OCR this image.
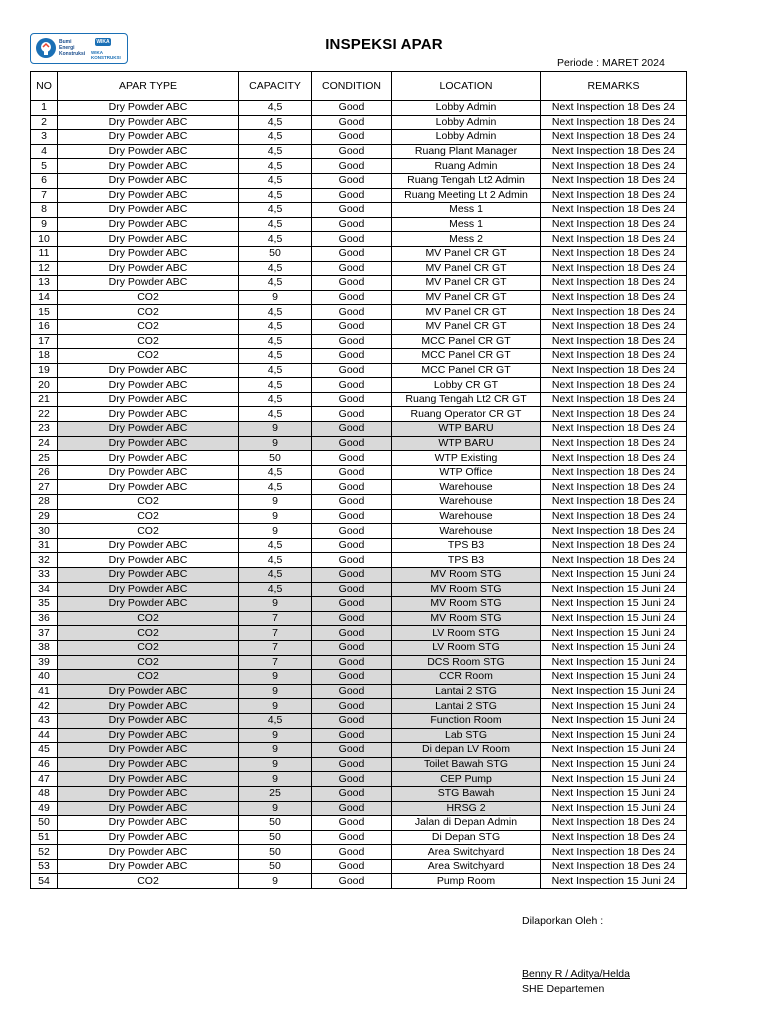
Bumi
Energi
Konstruksi
WIKA
WIKA
KONSTRUKSI
INSPEKSI APAR
Periode : MARET 2024
NO	APAR TYPE	CAPACITY	CONDITION	LOCATION	REMARKS
1	Dry Powder ABC	4,5	Good	Lobby Admin	Next Inspection 18 Des 24
2	Dry Powder ABC	4,5	Good	Lobby Admin	Next Inspection 18 Des 24
3	Dry Powder ABC	4,5	Good	Lobby Admin	Next Inspection 18 Des 24
4	Dry Powder ABC	4,5	Good	Ruang Plant Manager	Next Inspection 18 Des 24
5	Dry Powder ABC	4,5	Good	Ruang Admin	Next Inspection 18 Des 24
6	Dry Powder ABC	4,5	Good	Ruang Tengah Lt2 Admin	Next Inspection 18 Des 24
7	Dry Powder ABC	4,5	Good	Ruang Meeting Lt 2 Admin	Next Inspection 18 Des 24
8	Dry Powder ABC	4,5	Good	Mess 1	Next Inspection 18 Des 24
9	Dry Powder ABC	4,5	Good	Mess 1	Next Inspection 18 Des 24
10	Dry Powder ABC	4,5	Good	Mess 2	Next Inspection 18 Des 24
11	Dry Powder ABC	50	Good	MV Panel CR GT	Next Inspection 18 Des 24
12	Dry Powder ABC	4,5	Good	MV Panel CR GT	Next Inspection 18 Des 24
13	Dry Powder ABC	4,5	Good	MV Panel CR GT	Next Inspection 18 Des 24
14	CO2	9	Good	MV Panel CR GT	Next Inspection 18 Des 24
15	CO2	4,5	Good	MV Panel CR GT	Next Inspection 18 Des 24
16	CO2	4,5	Good	MV Panel CR GT	Next Inspection 18 Des 24
17	CO2	4,5	Good	MCC Panel CR GT	Next Inspection 18 Des 24
18	CO2	4,5	Good	MCC Panel CR GT	Next Inspection 18 Des 24
19	Dry Powder ABC	4,5	Good	MCC Panel CR GT	Next Inspection 18 Des 24
20	Dry Powder ABC	4,5	Good	Lobby CR GT	Next Inspection 18 Des 24
21	Dry Powder ABC	4,5	Good	Ruang Tengah Lt2 CR GT	Next Inspection 18 Des 24
22	Dry Powder ABC	4,5	Good	Ruang Operator CR GT	Next Inspection 18 Des 24
23	Dry Powder ABC	9	Good	WTP BARU	Next Inspection 18 Des 24
24	Dry Powder ABC	9	Good	WTP BARU	Next Inspection 18 Des 24
25	Dry Powder ABC	50	Good	WTP Existing	Next Inspection 18 Des 24
26	Dry Powder ABC	4,5	Good	WTP Office	Next Inspection 18 Des 24
27	Dry Powder ABC	4,5	Good	Warehouse	Next Inspection 18 Des 24
28	CO2	9	Good	Warehouse	Next Inspection 18 Des 24
29	CO2	9	Good	Warehouse	Next Inspection 18 Des 24
30	CO2	9	Good	Warehouse	Next Inspection 18 Des 24
31	Dry Powder ABC	4,5	Good	TPS B3	Next Inspection 18 Des 24
32	Dry Powder ABC	4,5	Good	TPS B3	Next Inspection 18 Des 24
33	Dry Powder ABC	4,5	Good	MV Room STG	Next Inspection 15 Juni 24
34	Dry Powder ABC	4,5	Good	MV Room STG	Next Inspection 15 Juni 24
35	Dry Powder ABC	9	Good	MV Room STG	Next Inspection 15 Juni 24
36	CO2	7	Good	MV Room STG	Next Inspection 15 Juni 24
37	CO2	7	Good	LV Room STG	Next Inspection 15 Juni 24
38	CO2	7	Good	LV Room STG	Next Inspection 15 Juni 24
39	CO2	7	Good	DCS Room STG	Next Inspection 15 Juni 24
40	CO2	9	Good	CCR Room	Next Inspection 15 Juni 24
41	Dry Powder ABC	9	Good	Lantai 2 STG	Next Inspection 15 Juni 24
42	Dry Powder ABC	9	Good	Lantai 2 STG	Next Inspection 15 Juni 24
43	Dry Powder ABC	4,5	Good	Function Room	Next Inspection 15 Juni 24
44	Dry Powder ABC	9	Good	Lab STG	Next Inspection 15 Juni 24
45	Dry Powder ABC	9	Good	Di depan LV Room	Next Inspection 15 Juni 24
46	Dry Powder ABC	9	Good	Toilet Bawah STG	Next Inspection 15 Juni 24
47	Dry Powder ABC	9	Good	CEP Pump	Next Inspection 15 Juni 24
48	Dry Powder ABC	25	Good	STG Bawah	Next Inspection 15 Juni 24
49	Dry Powder ABC	9	Good	HRSG 2	Next Inspection 15 Juni 24
50	Dry Powder ABC	50	Good	Jalan di Depan Admin	Next Inspection 18 Des 24
51	Dry Powder ABC	50	Good	Di Depan STG	Next Inspection 18 Des 24
52	Dry Powder ABC	50	Good	Area Switchyard	Next Inspection 18 Des 24
53	Dry Powder ABC	50	Good	Area Switchyard	Next Inspection 18 Des 24
54	CO2	9	Good	Pump Room	Next Inspection 15 Juni 24
Dilaporkan Oleh :
Benny R / Aditya/Helda
SHE Departemen
